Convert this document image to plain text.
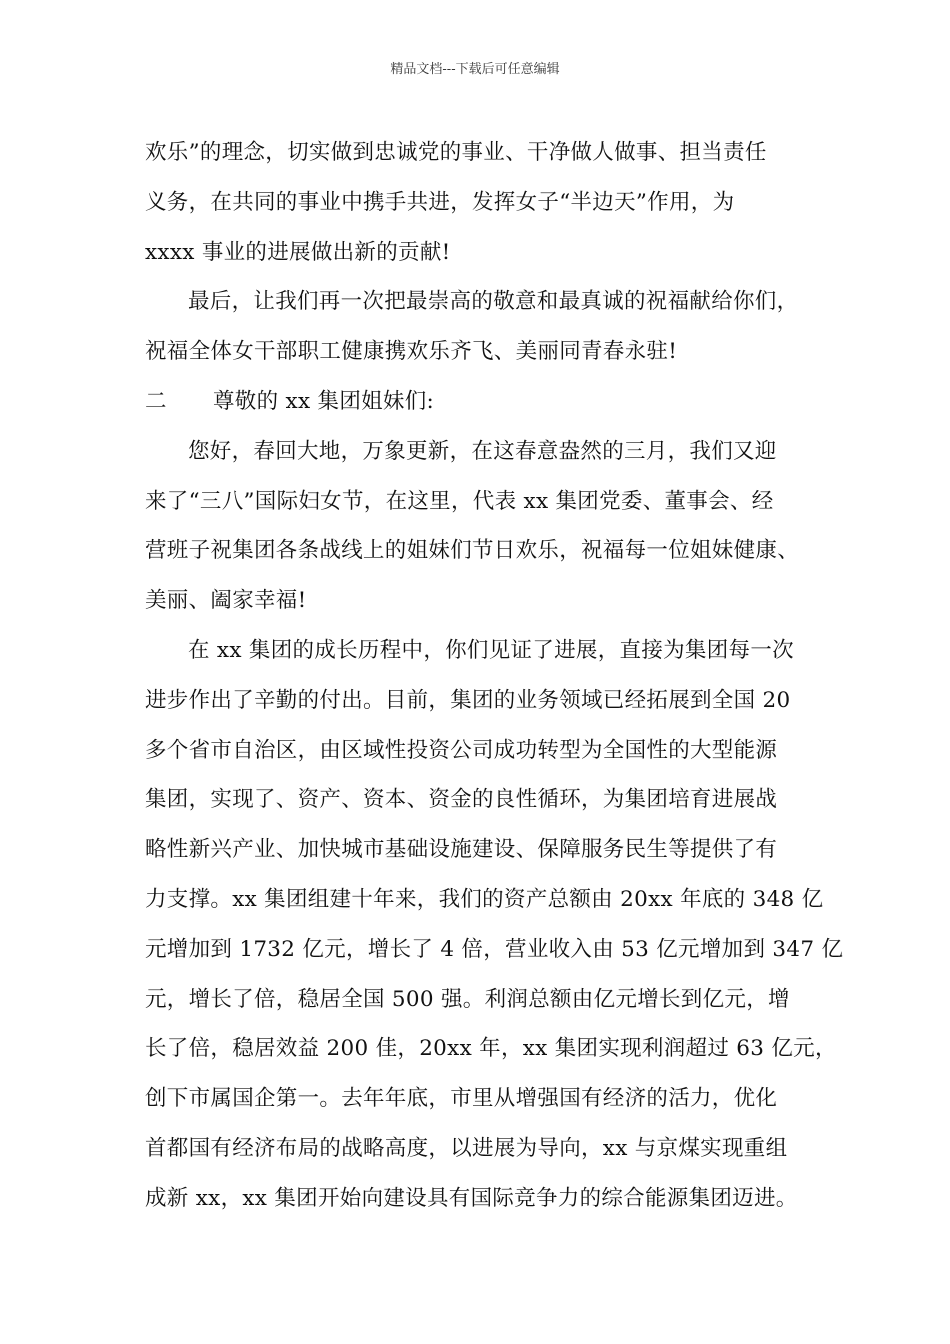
精品文档---下载后可任意编辑
欢乐”的理念，切实做到忠诚党的事业、干净做人做事、担当责任
义务，在共同的事业中携手共进，发挥女子“半边天”作用，为
xxxx 事业的进展做出新的贡献!
最后，让我们再一次把最崇高的敬意和最真诚的祝福献给你们，
祝福全体女干部职工健康携欢乐齐飞、美丽同青春永驻!
二 尊敬的 xx 集团姐妹们:
您好，春回大地，万象更新，在这春意盎然的三月，我们又迎
来了“三八”国际妇女节，在这里，代表 xx 集团党委、董事会、经
营班子祝集团各条战线上的姐妹们节日欢乐，祝福每一位姐妹健康、
美丽、阖家幸福!
在 xx 集团的成长历程中，你们见证了进展，直接为集团每一次
进步作出了辛勤的付出。目前，集团的业务领域已经拓展到全国 20
多个省市自治区，由区域性投资公司成功转型为全国性的大型能源
集团，实现了、资产、资本、资金的良性循环，为集团培育进展战
略性新兴产业、加快城市基础设施建设、保障服务民生等提供了有
力支撑。xx 集团组建十年来，我们的资产总额由 20xx 年底的 348 亿
元增加到 1732 亿元，增长了 4 倍，营业收入由 53 亿元增加到 347 亿
元，增长了倍，稳居全国 500 强。利润总额由亿元增长到亿元，增
长了倍，稳居效益 200 佳，20xx 年，xx 集团实现利润超过 63 亿元，
创下市属国企第一。去年年底，市里从增强国有经济的活力，优化
首都国有经济布局的战略高度，以进展为导向，xx 与京煤实现重组
成新 xx，xx 集团开始向建设具有国际竞争力的综合能源集团迈进。
